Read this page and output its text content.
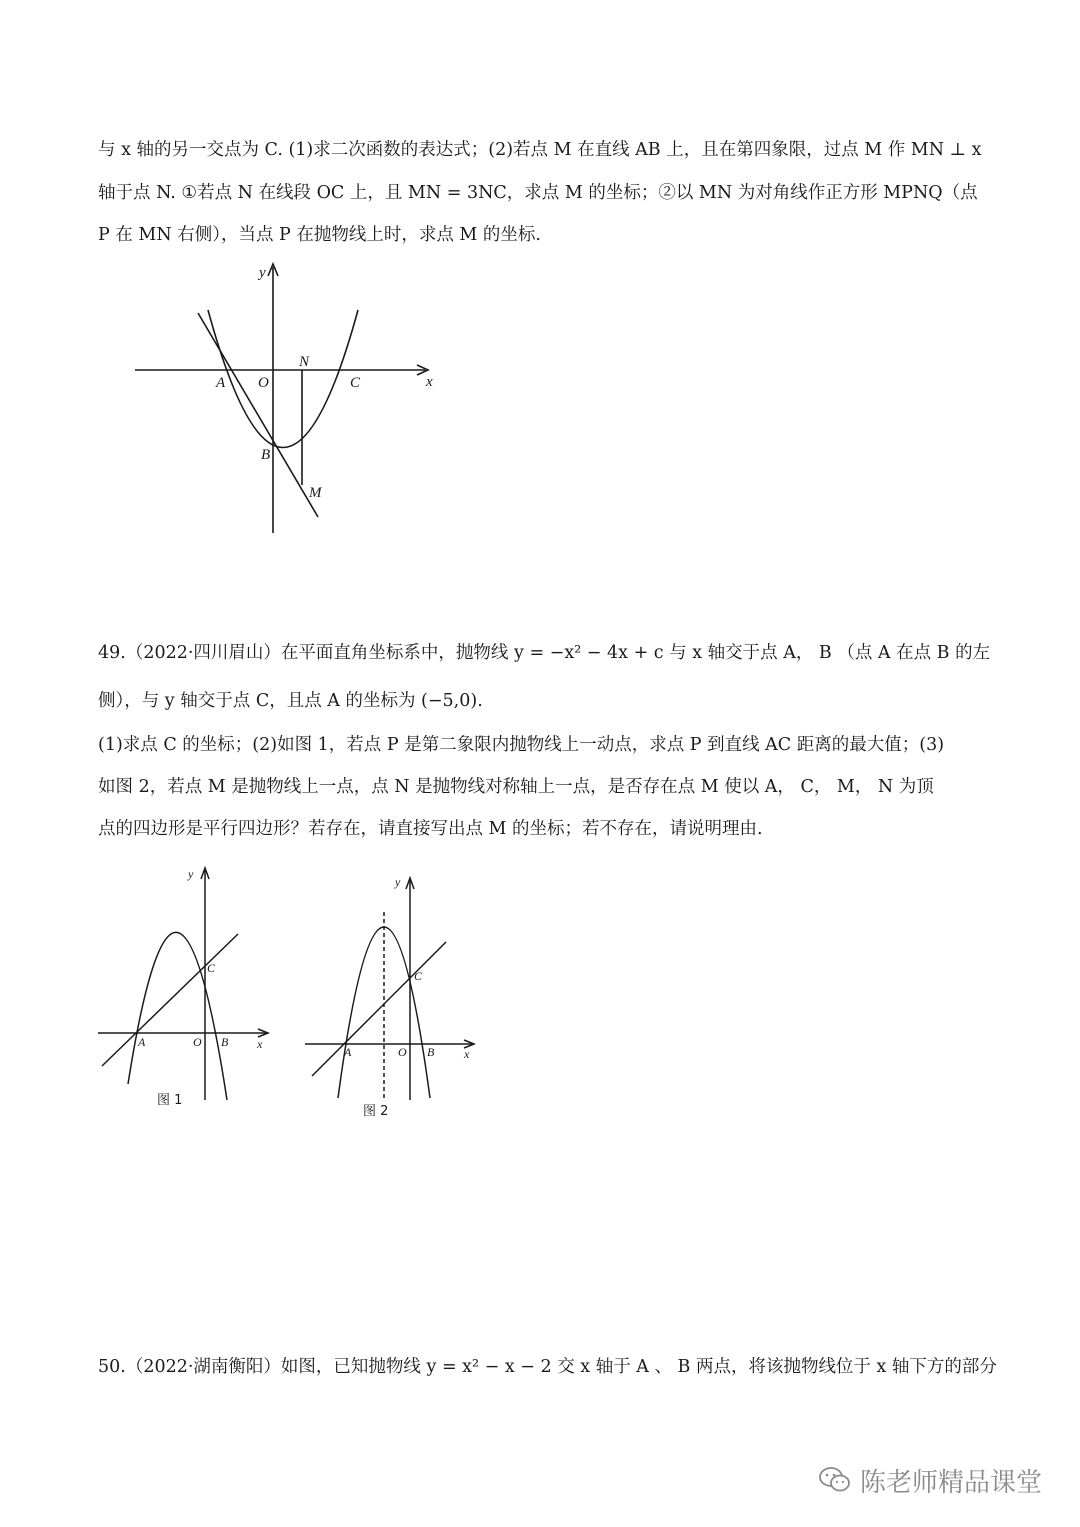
与 x 轴的另一交点为 C. (1)求二次函数的表达式；(2)若点 M 在直线 AB 上，且在第四象限，过点 M 作 MN ⊥ x
轴于点 N. ①若点 N 在线段 OC 上，且 MN = 3NC，求点 M 的坐标；②以 MN 为对角线作正方形 MPNQ（点
P 在 MN 右侧），当点 P 在抛物线上时，求点 M 的坐标.
y
x
A O
N
C
B
M
49.（2022·四川眉山）在平面直角坐标系中，抛物线 y = −x² − 4x + c 与 x 轴交于点 A， B （点 A 在点 B 的左
侧），与 y 轴交于点 C，且点 A 的坐标为 (−5,0).
(1)求点 C 的坐标；(2)如图 1，若点 P 是第二象限内抛物线上一动点，求点 P 到直线 AC 距离的最大值；(3)
如图 2，若点 M 是抛物线上一点，点 N 是抛物线对称轴上一点，是否存在点 M 使以 A， C， M， N 为顶
点的四边形是平行四边形？若存在，请直接写出点 M 的坐标；若不存在，请说明理由.
y
x
A	O B
C
图 1
y
x
A	O B
C
图 2
50.（2022·湖南衡阳）如图，已知抛物线 y = x² − x − 2 交 x 轴于 A 、 B 两点，将该抛物线位于 x 轴下方的部分
陈老师精品课堂
